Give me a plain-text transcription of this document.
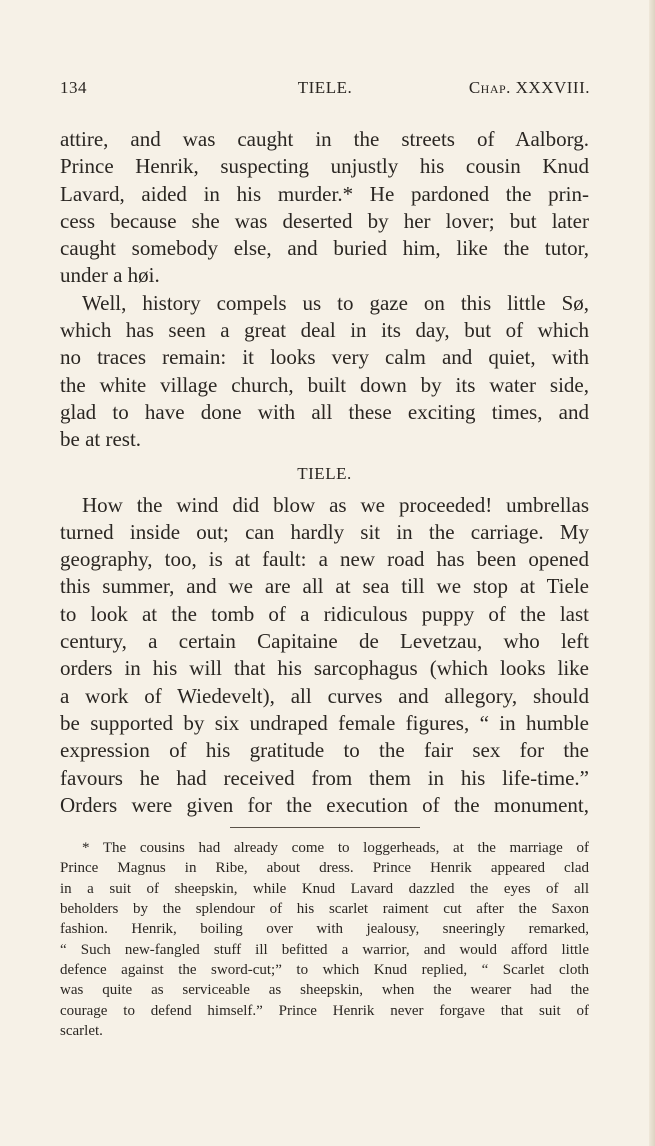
134	TIELE.	Chap. XXXVIII.
attire, and was caught in the streets of Aalborg.
Prince Henrik, suspecting unjustly his cousin Knud
Lavard, aided in his murder.* He pardoned the prin-
cess because she was deserted by her lover; but later
caught somebody else, and buried him, like the tutor,
under a høi.
Well, history compels us to gaze on this little Sø,
which has seen a great deal in its day, but of which
no traces remain: it looks very calm and quiet, with
the white village church, built down by its water side,
glad to have done with all these exciting times, and
be at rest.
TIELE.
How the wind did blow as we proceeded! umbrellas
turned inside out; can hardly sit in the carriage. My
geography, too, is at fault: a new road has been opened
this summer, and we are all at sea till we stop at Tiele
to look at the tomb of a ridiculous puppy of the last
century, a certain Capitaine de Levetzau, who left
orders in his will that his sarcophagus (which looks like
a work of Wiedevelt), all curves and allegory, should
be supported by six undraped female figures, “ in humble
expression of his gratitude to the fair sex for the
favours he had received from them in his life-time.”
Orders were given for the execution of the monument,
* The cousins had already come to loggerheads, at the marriage of
Prince Magnus in Ribe, about dress. Prince Henrik appeared clad
in a suit of sheepskin, while Knud Lavard dazzled the eyes of all
beholders by the splendour of his scarlet raiment cut after the Saxon
fashion. Henrik, boiling over with jealousy, sneeringly remarked,
“ Such new-fangled stuff ill befitted a warrior, and would afford little
defence against the sword-cut;” to which Knud replied, “ Scarlet cloth
was quite as serviceable as sheepskin, when the wearer had the
courage to defend himself.” Prince Henrik never forgave that suit of
scarlet.
